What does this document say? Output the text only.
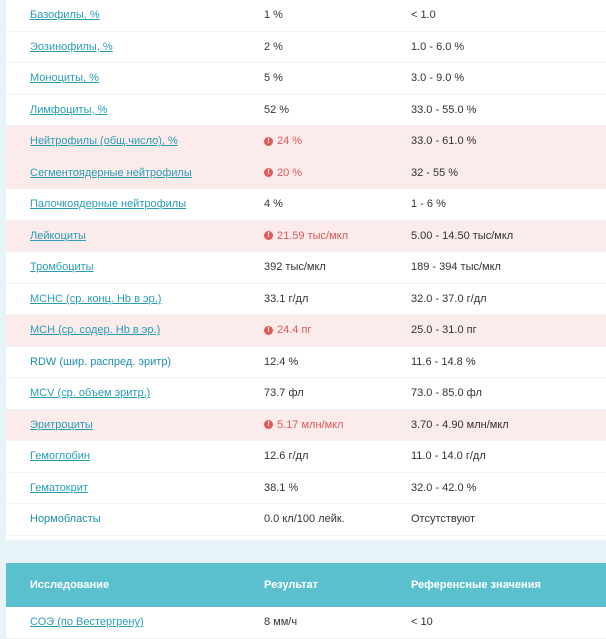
Базофилы, %	1 %	< 1.0
Эозинофилы, %	2 %	1.0 - 6.0 %
Моноциты, %	5 %	3.0 - 9.0 %
Лимфоциты, %	52 %	33.0 - 55.0 %
Нейтрофилы (общ.число), %	! 24 %	33.0 - 61.0 %
Сегментоядерные нейтрофилы	! 20 %	32 - 55 %
Палочкоядерные нейтрофилы	4 %	1 - 6 %
Лейкоциты	! 21.59 тыс/мкл	5.00 - 14.50 тыс/мкл
Тромбоциты	392 тыс/мкл	189 - 394 тыс/мкл
MCHC (ср. конц. Hb в эр.)	33.1 г/дл	32.0 - 37.0 г/дл
MCH (ср. содер. Hb в эр.)	! 24.4 пг	25.0 - 31.0 пг
RDW (шир. распред. эритр)	12.4 %	11.6 - 14.8 %
MCV (ср. объем эритр.)	73.7 фл	73.0 - 85.0 фл
Эритроциты	! 5.17 млн/мкл	3.70 - 4.90 млн/мкл
Гемоглобин	12.6 г/дл	11.0 - 14.0 г/дл
Гематокрит	38.1 %	32.0 - 42.0 %
Нормобласты	0.0 кл/100 лейк.	Отсутствуют
Исследование	Результат	Референсные значения
СОЭ (по Вестергрену)	8 мм/ч	< 10
